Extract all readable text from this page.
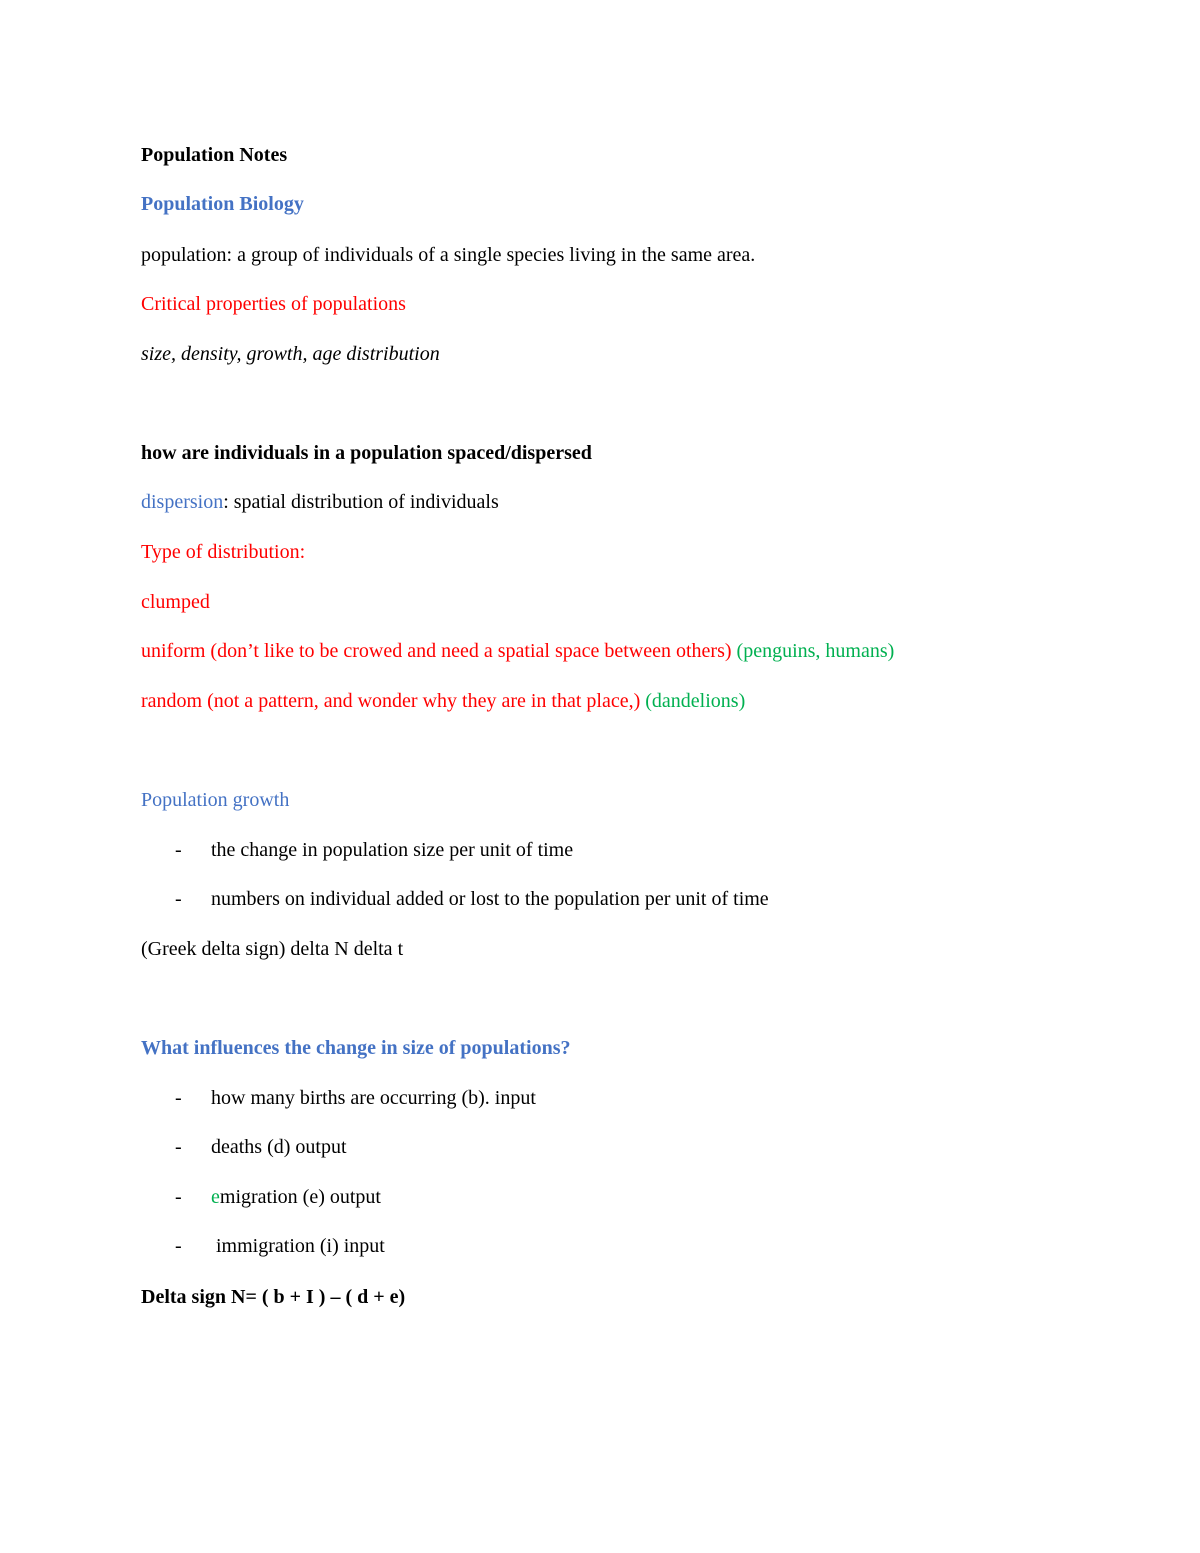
Population Notes
Population Biology
population: a group of individuals of a single species living in the same area.
Critical properties of populations
size, density, growth, age distribution
how are individuals in a population spaced/dispersed
dispersion: spatial distribution of individuals
Type of distribution:
clumped
uniform (don’t like to be crowed and need a spatial space between others) (penguins, humans)
random (not a pattern, and wonder why they are in that place,) (dandelions)
Population growth
- the change in population size per unit of time
- numbers on individual added or lost to the population per unit of time
(Greek delta sign) delta N delta t
What influences the change in size of populations?
- how many births are occurring (b). input
- deaths (d) output
- emigration (e) output
- immigration (i) input
Delta sign N= ( b + I ) – ( d + e)
